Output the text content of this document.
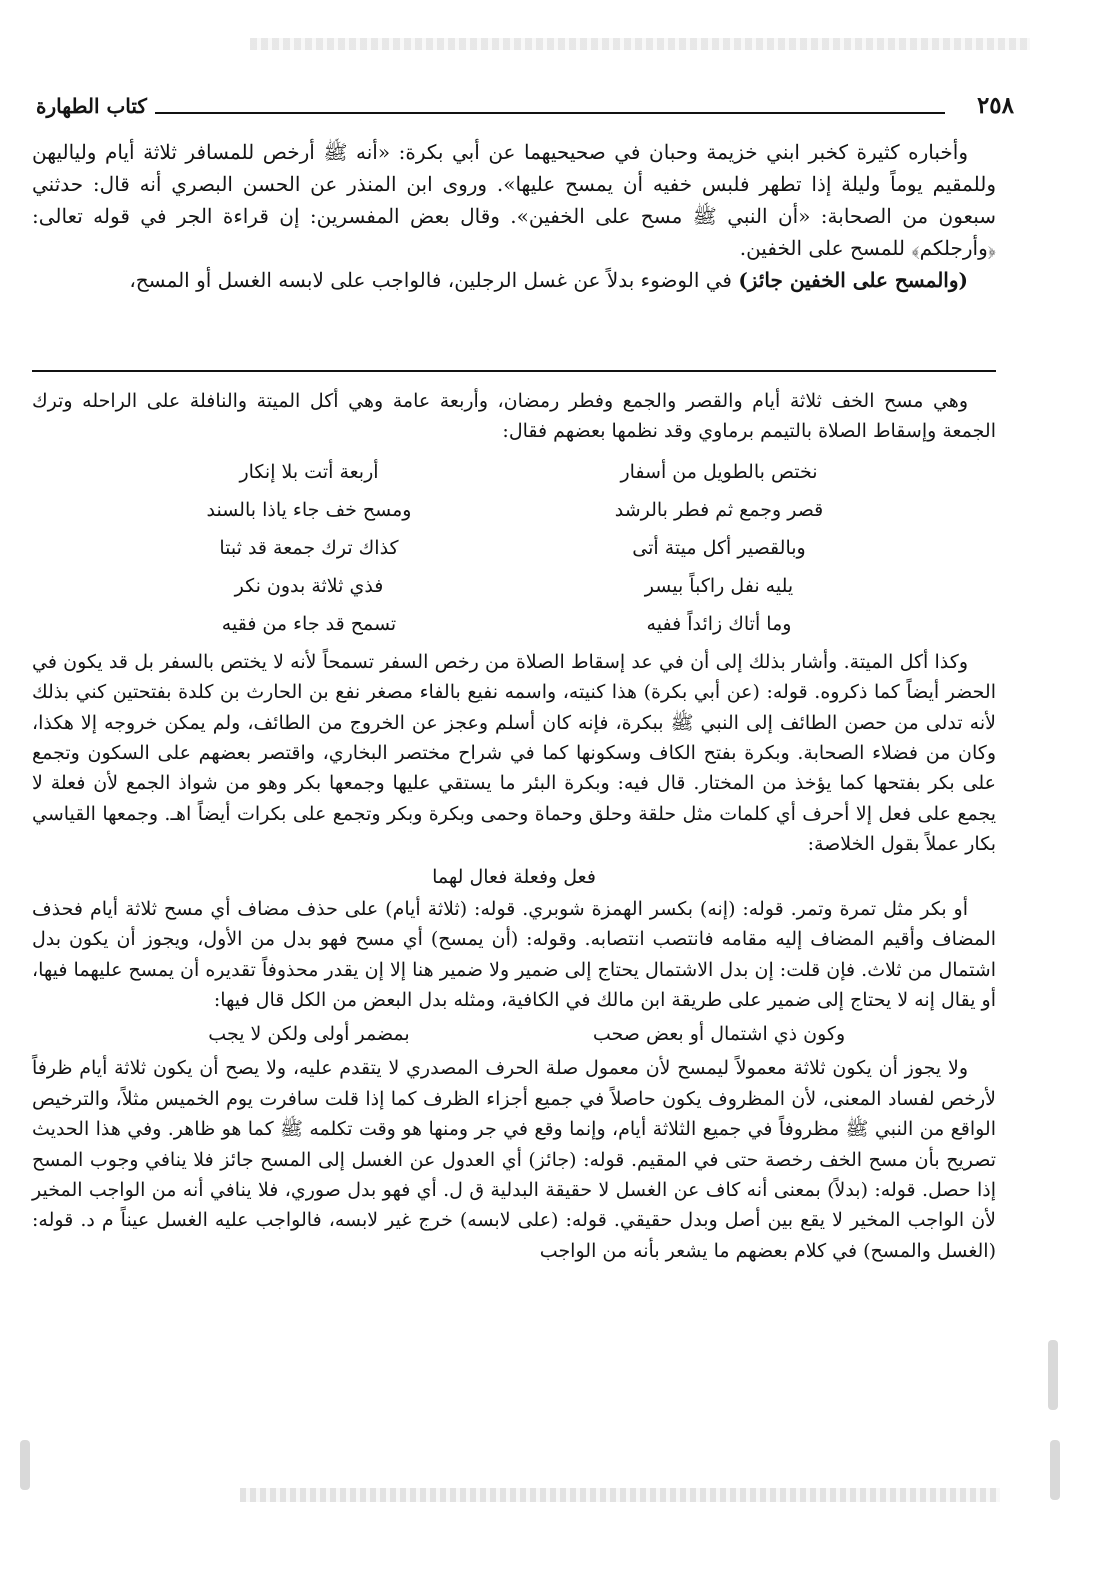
٢٥٨
كتاب الطهارة

وأخباره كثيرة كخبر ابني خزيمة وحبان في صحيحيهما عن أبي بكرة: «أنه ﷺ أرخص للمسافر ثلاثة أيام ولياليهن وللمقيم يوماً وليلة إذا تطهر فلبس خفيه أن يمسح عليها». وروى ابن المنذر عن الحسن البصري أنه قال: حدثني سبعون من الصحابة: «أن النبي ﷺ مسح على الخفين». وقال بعض المفسرين: إن قراءة الجر في قوله تعالى: ﴿وأرجلكم﴾ للمسح على الخفين.

(والمسح على الخفين جائز) في الوضوء بدلاً عن غسل الرجلين، فالواجب على لابسه الغسل أو المسح،

وهي مسح الخف ثلاثة أيام والقصر والجمع وفطر رمضان، وأربعة عامة وهي أكل الميتة والنافلة على الراحله وترك الجمعة وإسقاط الصلاة بالتيمم برماوي وقد نظمها بعضهم فقال:

نختص بالطويل من أسفار
أربعة أتت بلا إنكار
قصر وجمع ثم فطر بالرشد
ومسح خف جاء ياذا بالسند
وبالقصير أكل ميتة أتى
كذاك ترك جمعة قد ثبتا
يليه نفل راكباً بيسر
فذي ثلاثة بدون نكر
وما أتاك زائداً ففيه
تسمح قد جاء من فقيه

وكذا أكل الميتة. وأشار بذلك إلى أن في عد إسقاط الصلاة من رخص السفر تسمحاً لأنه لا يختص بالسفر بل قد يكون في الحضر أيضاً كما ذكروه. قوله: (عن أبي بكرة) هذا كنيته، واسمه نفيع بالفاء مصغر نفع بن الحارث بن كلدة بفتحتين كني بذلك لأنه تدلى من حصن الطائف إلى النبي ﷺ ببكرة، فإنه كان أسلم وعجز عن الخروج من الطائف، ولم يمكن خروجه إلا هكذا، وكان من فضلاء الصحابة. وبكرة بفتح الكاف وسكونها كما في شراح مختصر البخاري، واقتصر بعضهم على السكون وتجمع على بكر بفتحها كما يؤخذ من المختار. قال فيه: وبكرة البئر ما يستقي عليها وجمعها بكر وهو من شواذ الجمع لأن فعلة لا يجمع على فعل إلا أحرف أي كلمات مثل حلقة وحلق وحماة وحمى وبكرة وبكر وتجمع على بكرات أيضاً اهـ. وجمعها القياسي بكار عملاً بقول الخلاصة:

فعل وفعلة فعال لهما

أو بكر مثل تمرة وتمر. قوله: (إنه) بكسر الهمزة شوبري. قوله: (ثلاثة أيام) على حذف مضاف أي مسح ثلاثة أيام فحذف المضاف وأقيم المضاف إليه مقامه فانتصب انتصابه. وقوله: (أن يمسح) أي مسح فهو بدل من الأول، ويجوز أن يكون بدل اشتمال من ثلاث. فإن قلت: إن بدل الاشتمال يحتاج إلى ضمير ولا ضمير هنا إلا إن يقدر محذوفاً تقديره أن يمسح عليهما فيها، أو يقال إنه لا يحتاج إلى ضمير على طريقة ابن مالك في الكافية، ومثله بدل البعض من الكل قال فيها:

وكون ذي اشتمال أو بعض صحب
بمضمر أولى ولكن لا يجب

ولا يجوز أن يكون ثلاثة معمولاً ليمسح لأن معمول صلة الحرف المصدري لا يتقدم عليه، ولا يصح أن يكون ثلاثة أيام ظرفاً لأرخص لفساد المعنى، لأن المظروف يكون حاصلاً في جميع أجزاء الظرف كما إذا قلت سافرت يوم الخميس مثلاً، والترخيص الواقع من النبي ﷺ مظروفاً في جميع الثلاثة أيام، وإنما وقع في جر ومنها هو وقت تكلمه ﷺ كما هو ظاهر. وفي هذا الحديث تصريح بأن مسح الخف رخصة حتى في المقيم. قوله: (جائز) أي العدول عن الغسل إلى المسح جائز فلا ينافي وجوب المسح إذا حصل. قوله: (بدلاً) بمعنى أنه كاف عن الغسل لا حقيقة البدلية ق ل. أي فهو بدل صوري، فلا ينافي أنه من الواجب المخير لأن الواجب المخير لا يقع بين أصل وبدل حقيقي. قوله: (على لابسه) خرج غير لابسه، فالواجب عليه الغسل عيناً م د. قوله: (الغسل والمسح) في كلام بعضهم ما يشعر بأنه من الواجب
